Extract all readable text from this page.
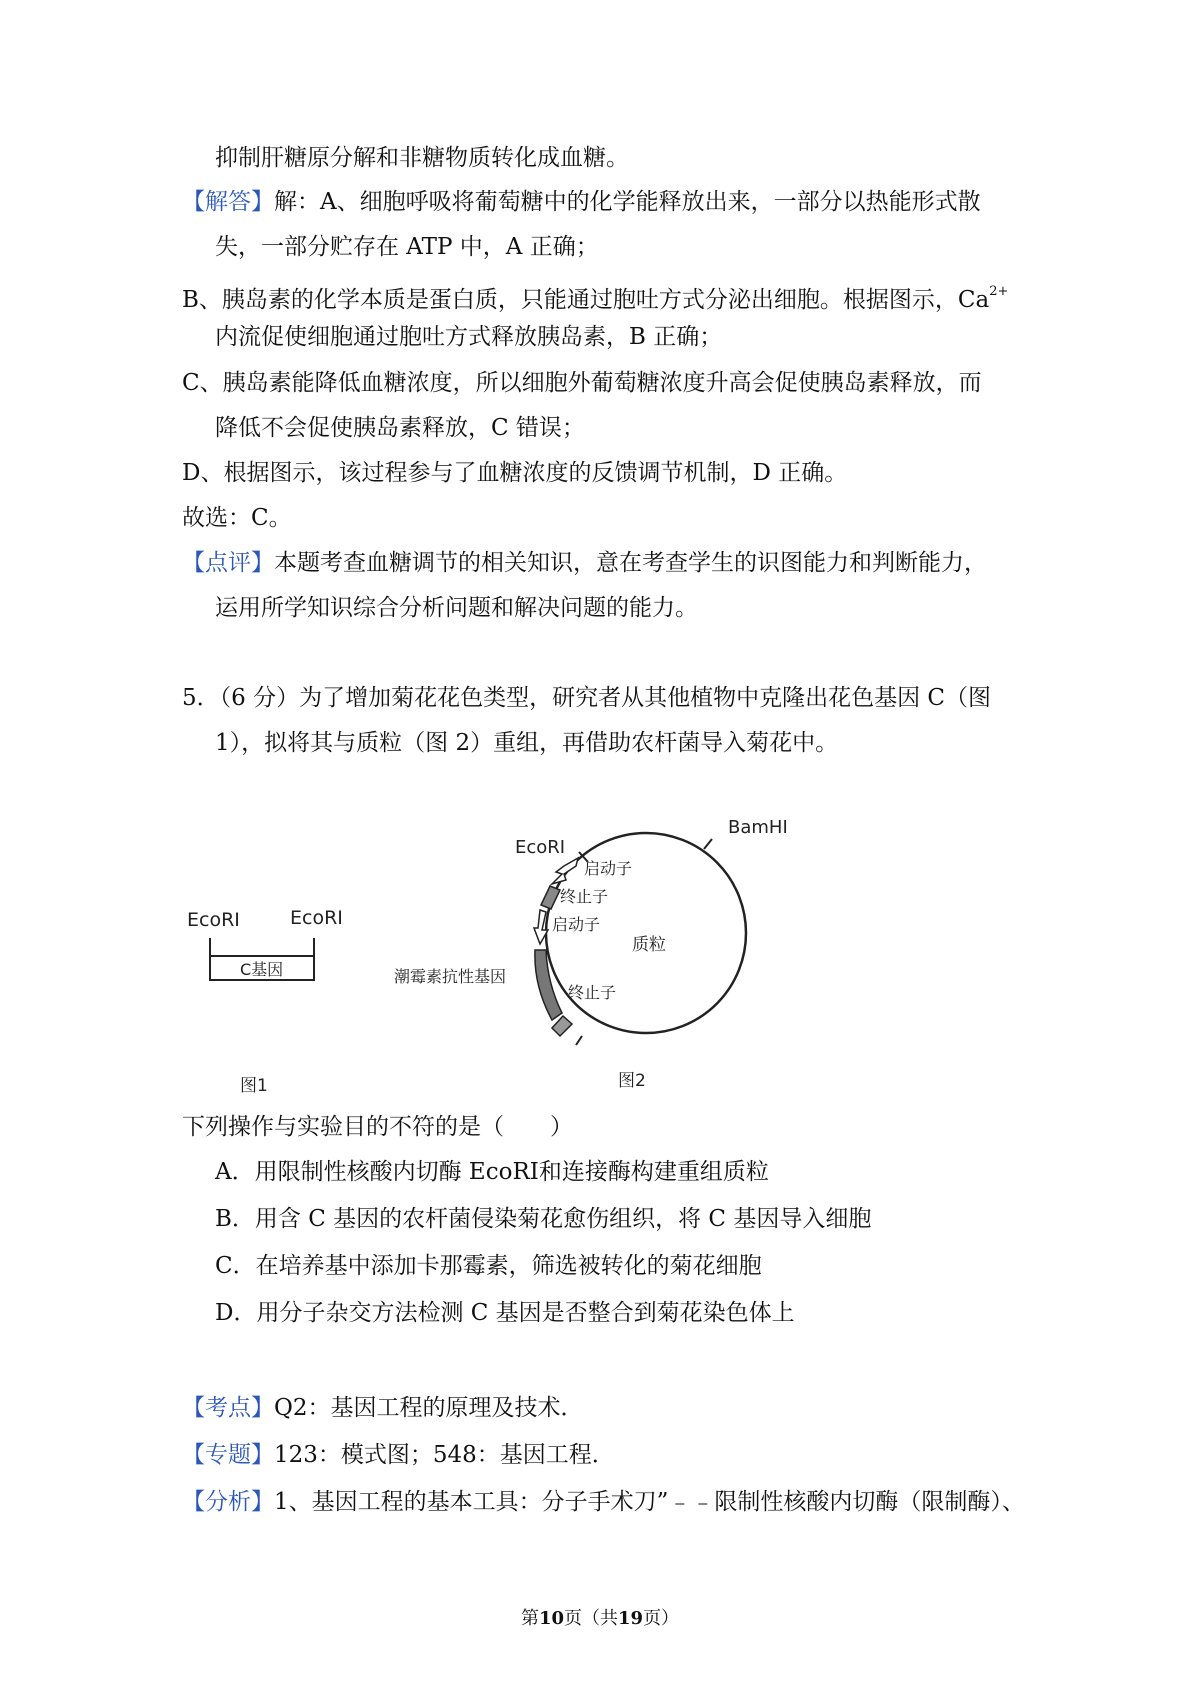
抑制肝糖原分解和非糖物质转化成血糖。
【解答】解：A、细胞呼吸将葡萄糖中的化学能释放出来，一部分以热能形式散
失，一部分贮存在 ATP 中，A 正确；
B、胰岛素的化学本质是蛋白质，只能通过胞吐方式分泌出细胞。根据图示，$Ca^{2+}$
内流促使细胞通过胞吐方式释放胰岛素，B 正确；
C、胰岛素能降低血糖浓度，所以细胞外葡萄糖浓度升高会促使胰岛素释放，而
降低不会促使胰岛素释放，C 错误；
D、根据图示，该过程参与了血糖浓度的反馈调节机制，D 正确。
故选：C。
【点评】本题考查血糖调节的相关知识，意在考查学生的识图能力和判断能力，
运用所学知识综合分析问题和解决问题的能力。
5．（6 分）为了增加菊花花色类型，研究者从其他植物中克隆出花色基因 C（图
1），拟将其与质粒（图 2）重组，再借助农杆菌导入菊花中。
EcoRⅠ	EcoRⅠ
C基因
图1
BamHⅠ
EcoRⅠ
启动子
终止子
启动子
质粒
潮霉素抗性基因
终止子
图2
下列操作与实验目的不符的是（　　）
A．用限制性核酸内切酶 EcoRⅠ和连接酶构建重组质粒
B．用含 C 基因的农杆菌侵染菊花愈伤组织，将 C 基因导入细胞
C．在培养基中添加卡那霉素，筛选被转化的菊花细胞
D．用分子杂交方法检测 C 基因是否整合到菊花染色体上
【考点】Q2：基因工程的原理及技术．
【专题】123：模式图；548：基因工程．
【分析】1、基因工程的基本工具：分子手术刀”﹣﹣限制性核酸内切酶（限制酶）、
第10页（共19页）
